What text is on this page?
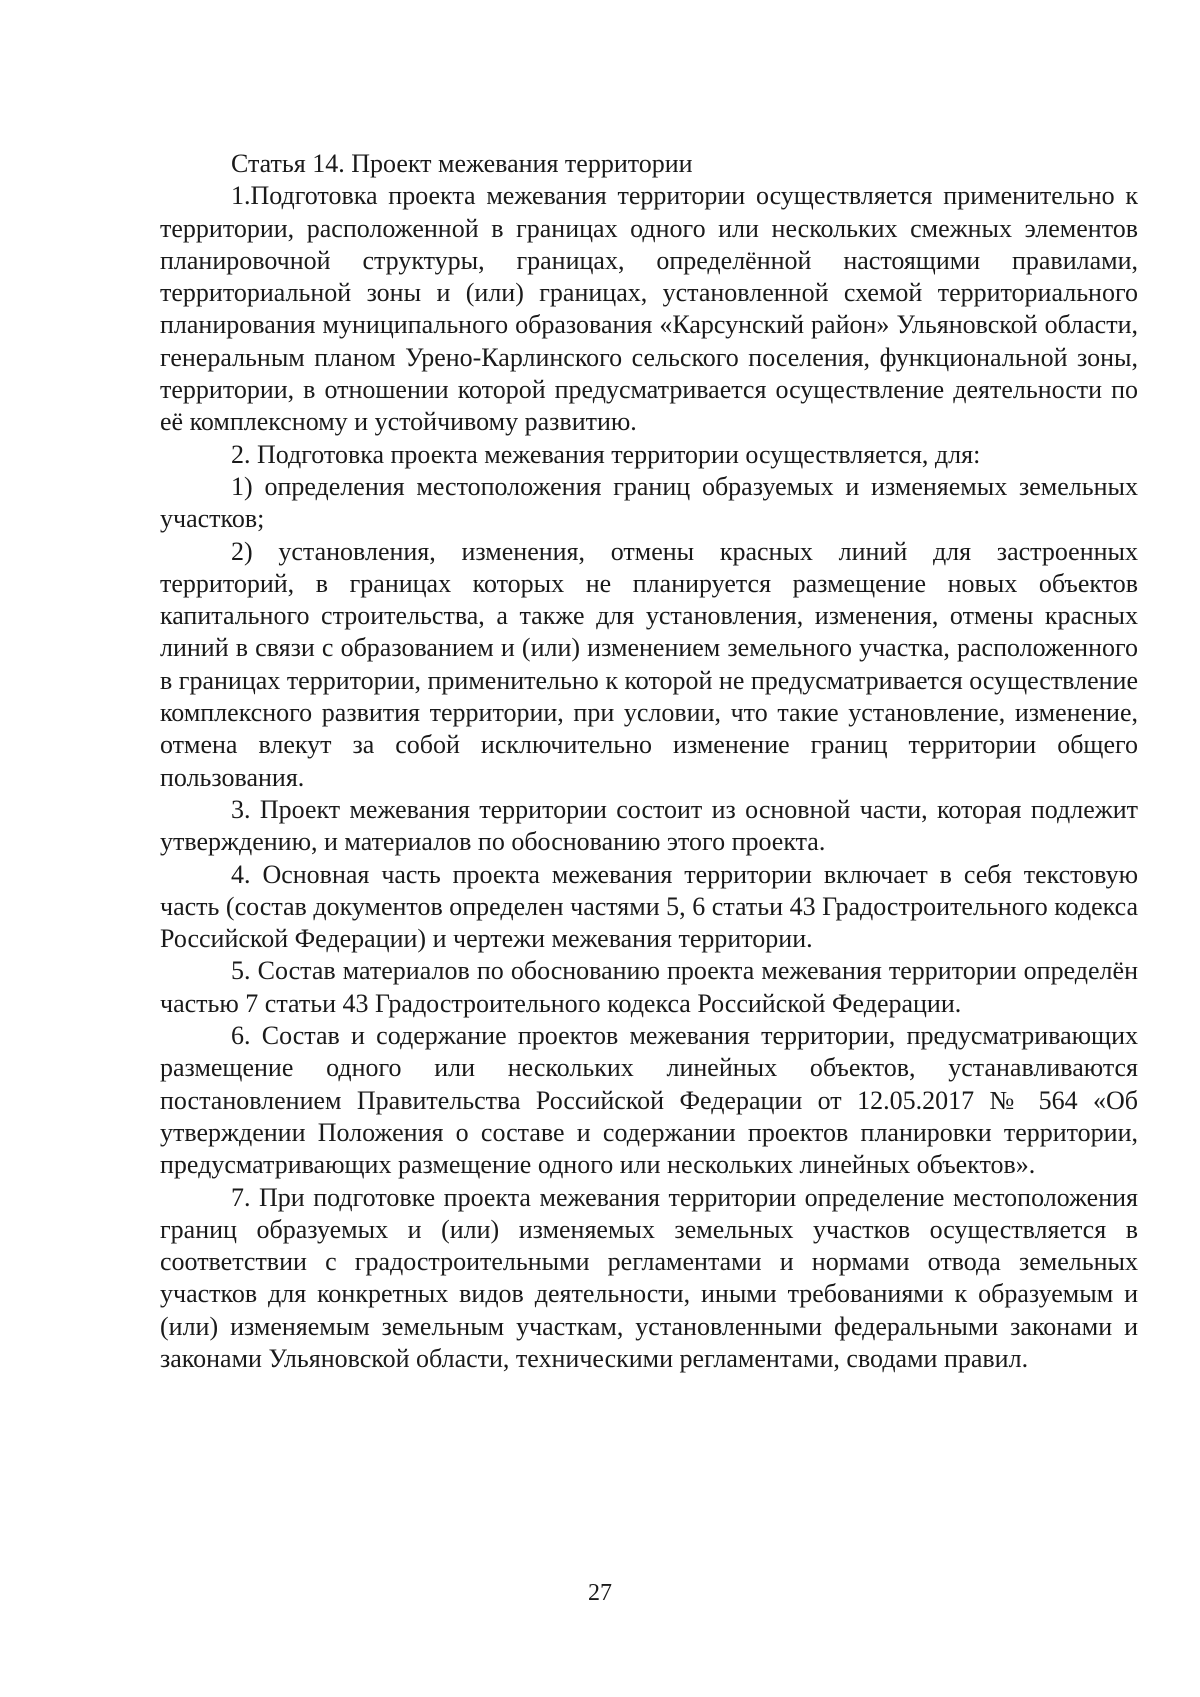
Статья 14. Проект межевания территории

1.Подготовка проекта межевания территории осуществляется применительно к территории, расположенной в границах одного или нескольких смежных элементов планировочной структуры, границах, определённой настоящими правилами, территориальной зоны и (или) границах, установленной схемой территориального планирования муниципального образования «Карсунский район» Ульяновской области, генеральным планом Урено-Карлинского сельского поселения, функциональной зоны, территории, в отношении которой предусматривается осуществление деятельности по её комплексному и устойчивому развитию.

2. Подготовка проекта межевания территории осуществляется, для:

1) определения местоположения границ образуемых и изменяемых земельных участков;

2) установления, изменения, отмены красных линий для застроенных территорий, в границах которых не планируется размещение новых объектов капитального строительства, а также для установления, изменения, отмены красных линий в связи с образованием и (или) изменением земельного участка, расположенного в границах территории, применительно к которой не предусматривается осуществление комплексного развития территории, при условии, что такие установление, изменение, отмена влекут за собой исключительно изменение границ территории общего пользования.

3. Проект межевания территории состоит из основной части, которая подлежит утверждению, и материалов по обоснованию этого проекта.

4. Основная часть проекта межевания территории включает в себя текстовую часть (состав документов определен частями 5, 6 статьи 43 Градостроительного кодекса Российской Федерации) и чертежи межевания территории.

5. Состав материалов по обоснованию проекта межевания территории определён частью 7 статьи 43 Градостроительного кодекса Российской Федерации.

6. Состав и содержание проектов межевания территории, предусматривающих размещение одного или нескольких линейных объектов, устанавливаются постановлением Правительства Российской Федерации от 12.05.2017 № 564 «Об утверждении Положения о составе и содержании проектов планировки территории, предусматривающих размещение одного или нескольких линейных объектов».

7. При подготовке проекта межевания территории определение местоположения границ образуемых и (или) изменяемых земельных участков осуществляется в соответствии с градостроительными регламентами и нормами отвода земельных участков для конкретных видов деятельности, иными требованиями к образуемым и (или) изменяемым земельным участкам, установленными федеральными законами и законами Ульяновской области, техническими регламентами, сводами правил.

27
